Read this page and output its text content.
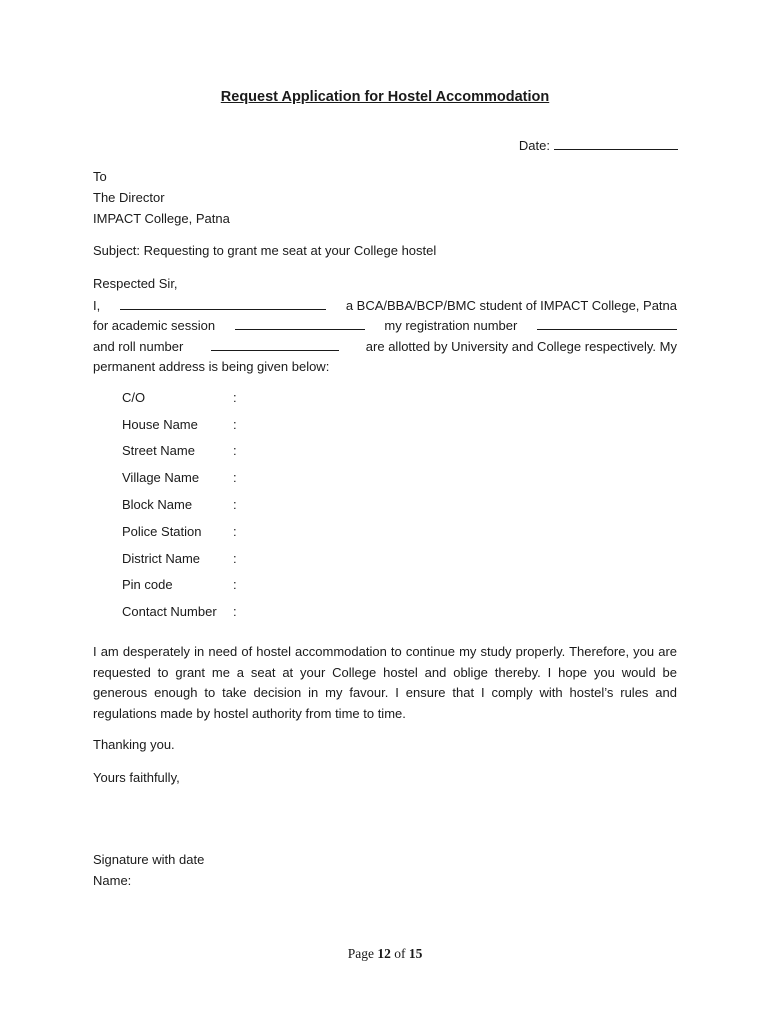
Request Application for Hostel Accommodation
Date:
To
The Director
IMPACT College, Patna
Subject: Requesting to grant me seat at your College hostel
Respected Sir,
I,	a BCA/BBA/BCP/BMC student of IMPACT College, Patna
for academic session	my registration number
and roll number	are allotted by University and College respectively. My
permanent address is being given below:
C/O	:
House Name	:
Street Name	:
Village Name	:
Block Name	:
Police Station :
District Name	:
Pin code	:
Contact Number :
I am desperately in need of hostel accommodation to continue my study properly. Therefore, you are requested to grant me a seat at your College hostel and oblige thereby. I hope you would be generous enough to take decision in my favour. I ensure that I comply with hostel’s rules and regulations made by hostel authority from time to time.
Thanking you.
Yours faithfully,
Signature with date
Name:
Page 12 of 15
